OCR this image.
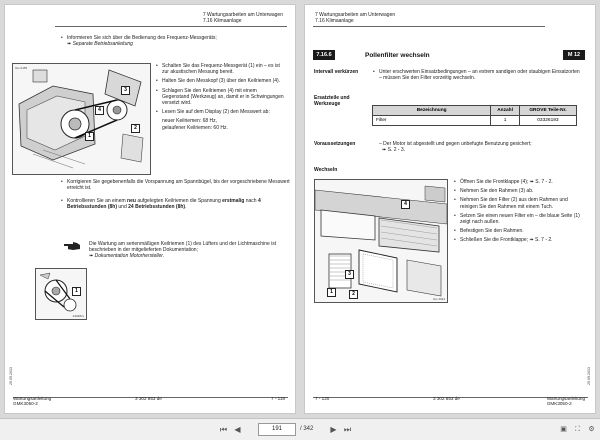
7 Wartungsarbeiten am Unterwagen
7.16 Klimaanlage
• Informieren Sie sich über die Bedienung des Frequenz-Messgeräts;
➠ Separate Betriebsanleitung
1
2
3
4
3xx 0456	• Schalten Sie das Frequenz-Messgerät (1) ein – es ist zur akustischen Messung bereit.
• Halten Sie den Messkopf (3) über den Keilriemen (4).
• Schlagen Sie den Keilriemen (4) mit einem Gegenstand (Werkzeug) an, damit er in Schwingungen versetzt wird.
• Lesen Sie auf dem Display (2) den Messwert ab:
neuer Keilriemen: 68 Hz,
gelaufener Keilriemen: 60 Hz.
• Korrigieren Sie gegebenenfalls die Vorspannung am Spannbügel, bis der vorgeschriebene Messwert erreicht ist.
• Kontrollieren Sie an einem neu aufgelegten Keilriemen die Spannung erstmalig nach 4 Betriebsstunden (8h) und 24 Betriebsstunden (8h).
Die Wartung am serienmäßigen Keilriemen (1) des Lüfters und der Lichtmaschine ist beschrieben in der mitgelieferten Dokumentation;
➠ Dokumentation Motorhersteller.
1
34048xx
25.09.2013
Wartungsanleitung
GMK3050-2
3 302 853 de	7 - 119
7 Wartungsarbeiten am Unterwagen
7.16 Klimaanlage
7.16.6	Pollenfilter wechseln	M 12
Intervall verkürzen	• Unter erschwerten Einsatzbedingungen – an extrem sandigen oder staubigen Einsatzorten – müssen Sie den Filter vorzeitig wechseln.
Ersatzteile und
Werkzeuge
Bezeichnung	Anzahl	GROVE Teile-Nr.
Filter	1	03326193
Voraussetzungen	– Der Motor ist abgestellt und gegen unbefugte Benutzung gesichert;
➠ S. 2 - 3.
Wechseln
1	2
3
4
3xx 2044
• Öffnen Sie die Frontklappe (4); ➠ S. 7 - 2.
• Nehmen Sie den Rahmen (3) ab.
• Nehmen Sie den Filter (2) aus dem Rahmen und reinigen Sie den Rahmen mit einem Tuch.
• Setzen Sie einen neuen Filter ein – die blaue Seite (1) zeigt nach außen.
• Befestigen Sie den Rahmen.
• Schließen Sie die Frontklappe; ➠ S. 7 - 2.
25.09.2013
7 - 120	3 302 853 de	Wartungsanleitung
GMK3050-2
⏮ ◀
191	/ 342	▶ ⏭	▣	⛶	⚙
